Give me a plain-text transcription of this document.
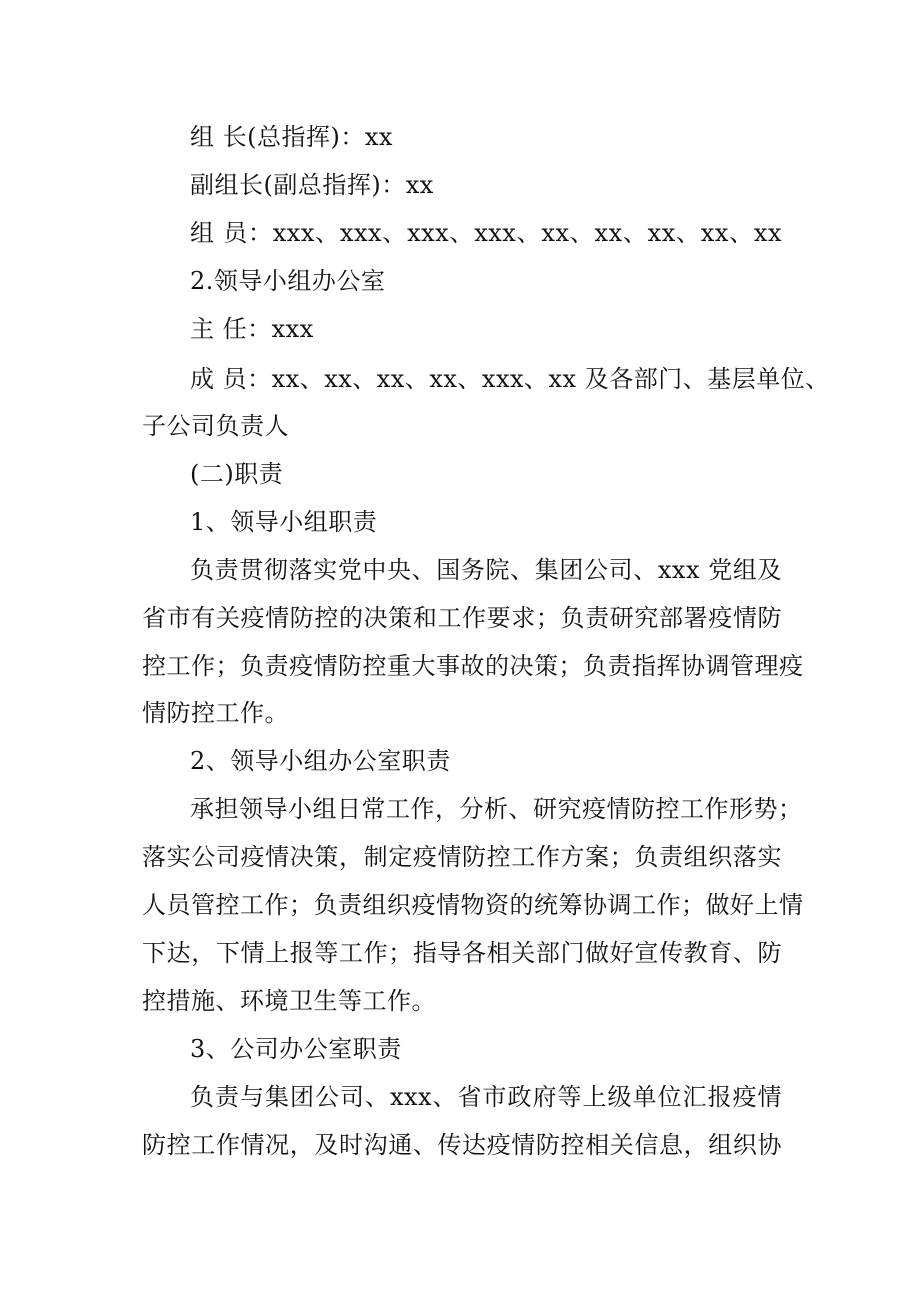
组 长(总指挥)：xx
副组长(副总指挥)：xx
组 员：xxx、xxx、xxx、xxx、xx、xx、xx、xx、xx
2.领导小组办公室
主 任：xxx
成 员：xx、xx、xx、xx、xxx、xx 及各部门、基层单位、
子公司负责人
(二)职责
1、领导小组职责
负责贯彻落实党中央、国务院、集团公司、xxx 党组及
省市有关疫情防控的决策和工作要求；负责研究部署疫情防
控工作；负责疫情防控重大事故的决策；负责指挥协调管理疫
情防控工作。
2、领导小组办公室职责
承担领导小组日常工作，分析、研究疫情防控工作形势；
落实公司疫情决策，制定疫情防控工作方案；负责组织落实
人员管控工作；负责组织疫情物资的统筹协调工作；做好上情
下达，下情上报等工作；指导各相关部门做好宣传教育、防
控措施、环境卫生等工作。
3、公司办公室职责
负责与集团公司、xxx、省市政府等上级单位汇报疫情
防控工作情况，及时沟通、传达疫情防控相关信息，组织协
